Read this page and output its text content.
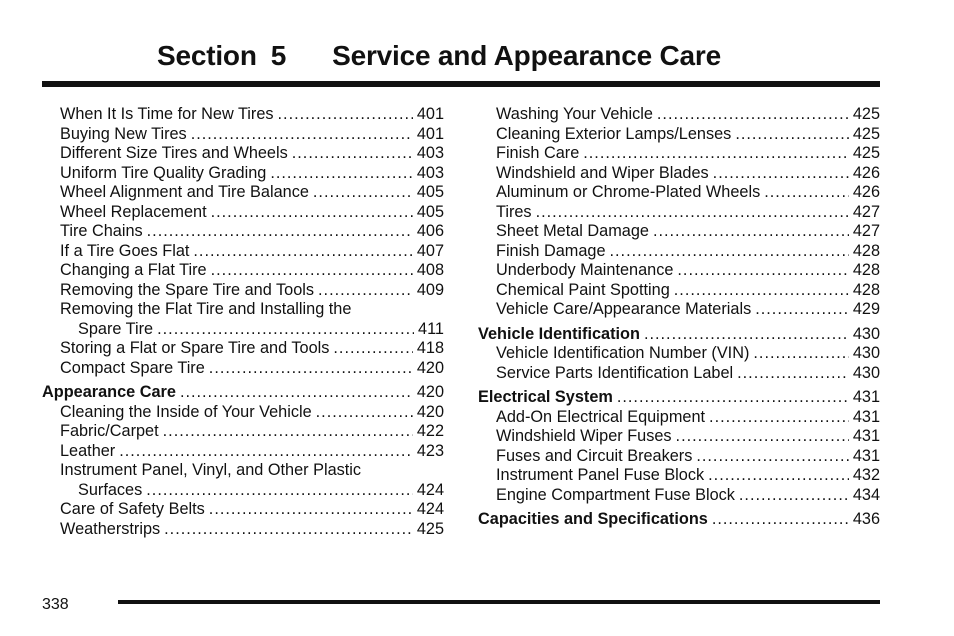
Section 5 Service and Appearance Care
When It Is Time for New Tires .....	401
Buying New Tires .....	401
Different Size Tires and Wheels .....	403
Uniform Tire Quality Grading .....	403
Wheel Alignment and Tire Balance .....	405
Wheel Replacement .....	405
Tire Chains .....	406
If a Tire Goes Flat .....	407
Changing a Flat Tire .....	408
Removing the Spare Tire and Tools .....	409
Removing the Flat Tire and Installing the
Spare Tire .....	411
Storing a Flat or Spare Tire and Tools .....	418
Compact Spare Tire .....	420
Appearance Care .....	420
Cleaning the Inside of Your Vehicle .....	420
Fabric/Carpet .....	422
Leather .....	423
Instrument Panel, Vinyl, and Other Plastic
Surfaces .....	424
Care of Safety Belts .....	424
Weatherstrips .....	425
Washing Your Vehicle .....	425
Cleaning Exterior Lamps/Lenses .....	425
Finish Care .....	425
Windshield and Wiper Blades .....	426
Aluminum or Chrome-Plated Wheels .....	426
Tires .....	427
Sheet Metal Damage .....	427
Finish Damage .....	428
Underbody Maintenance .....	428
Chemical Paint Spotting .....	428
Vehicle Care/Appearance Materials .....	429
Vehicle Identification .....	430
Vehicle Identification Number (VIN) .....	430
Service Parts Identification Label .....	430
Electrical System .....	431
Add-On Electrical Equipment .....	431
Windshield Wiper Fuses .....	431
Fuses and Circuit Breakers .....	431
Instrument Panel Fuse Block .....	432
Engine Compartment Fuse Block .....	434
Capacities and Specifications .....	436
338
